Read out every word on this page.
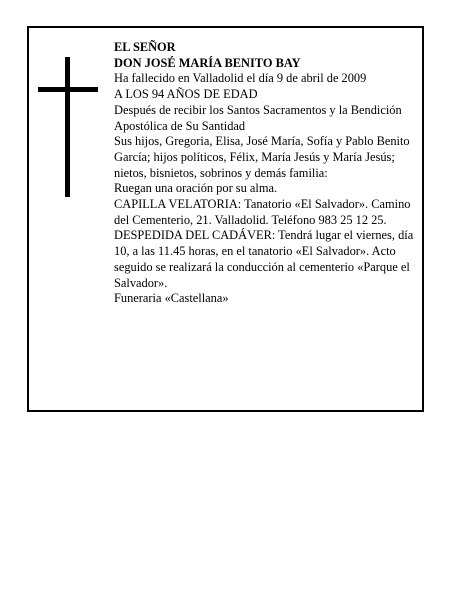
EL SEÑOR

DON JOSÉ MARÍA BENITO BAY

Ha fallecido en Valladolid el día 9 de abril de 2009

A LOS 94 AÑOS DE EDAD

Después de recibir los Santos Sacramentos y la Bendición Apostólica de Su Santidad

Sus hijos, Gregoria, Elisa, José María, Sofía y Pablo Benito García; hijos políticos, Félix, María Jesús y María Jesús; nietos, bisnietos, sobrinos y demás familia:

Ruegan una oración por su alma.

CAPILLA VELATORIA: Tanatorio «El Salvador». Camino del Cementerio, 21. Valladolid. Teléfono 983 25 12 25.

DESPEDIDA DEL CADÁVER: Tendrá lugar el viernes, día 10, a las 11.45 horas, en el tanatorio «El Salvador». Acto seguido se realizará la conducción al cementerio «Parque el Salvador».

Funeraria «Castellana»
